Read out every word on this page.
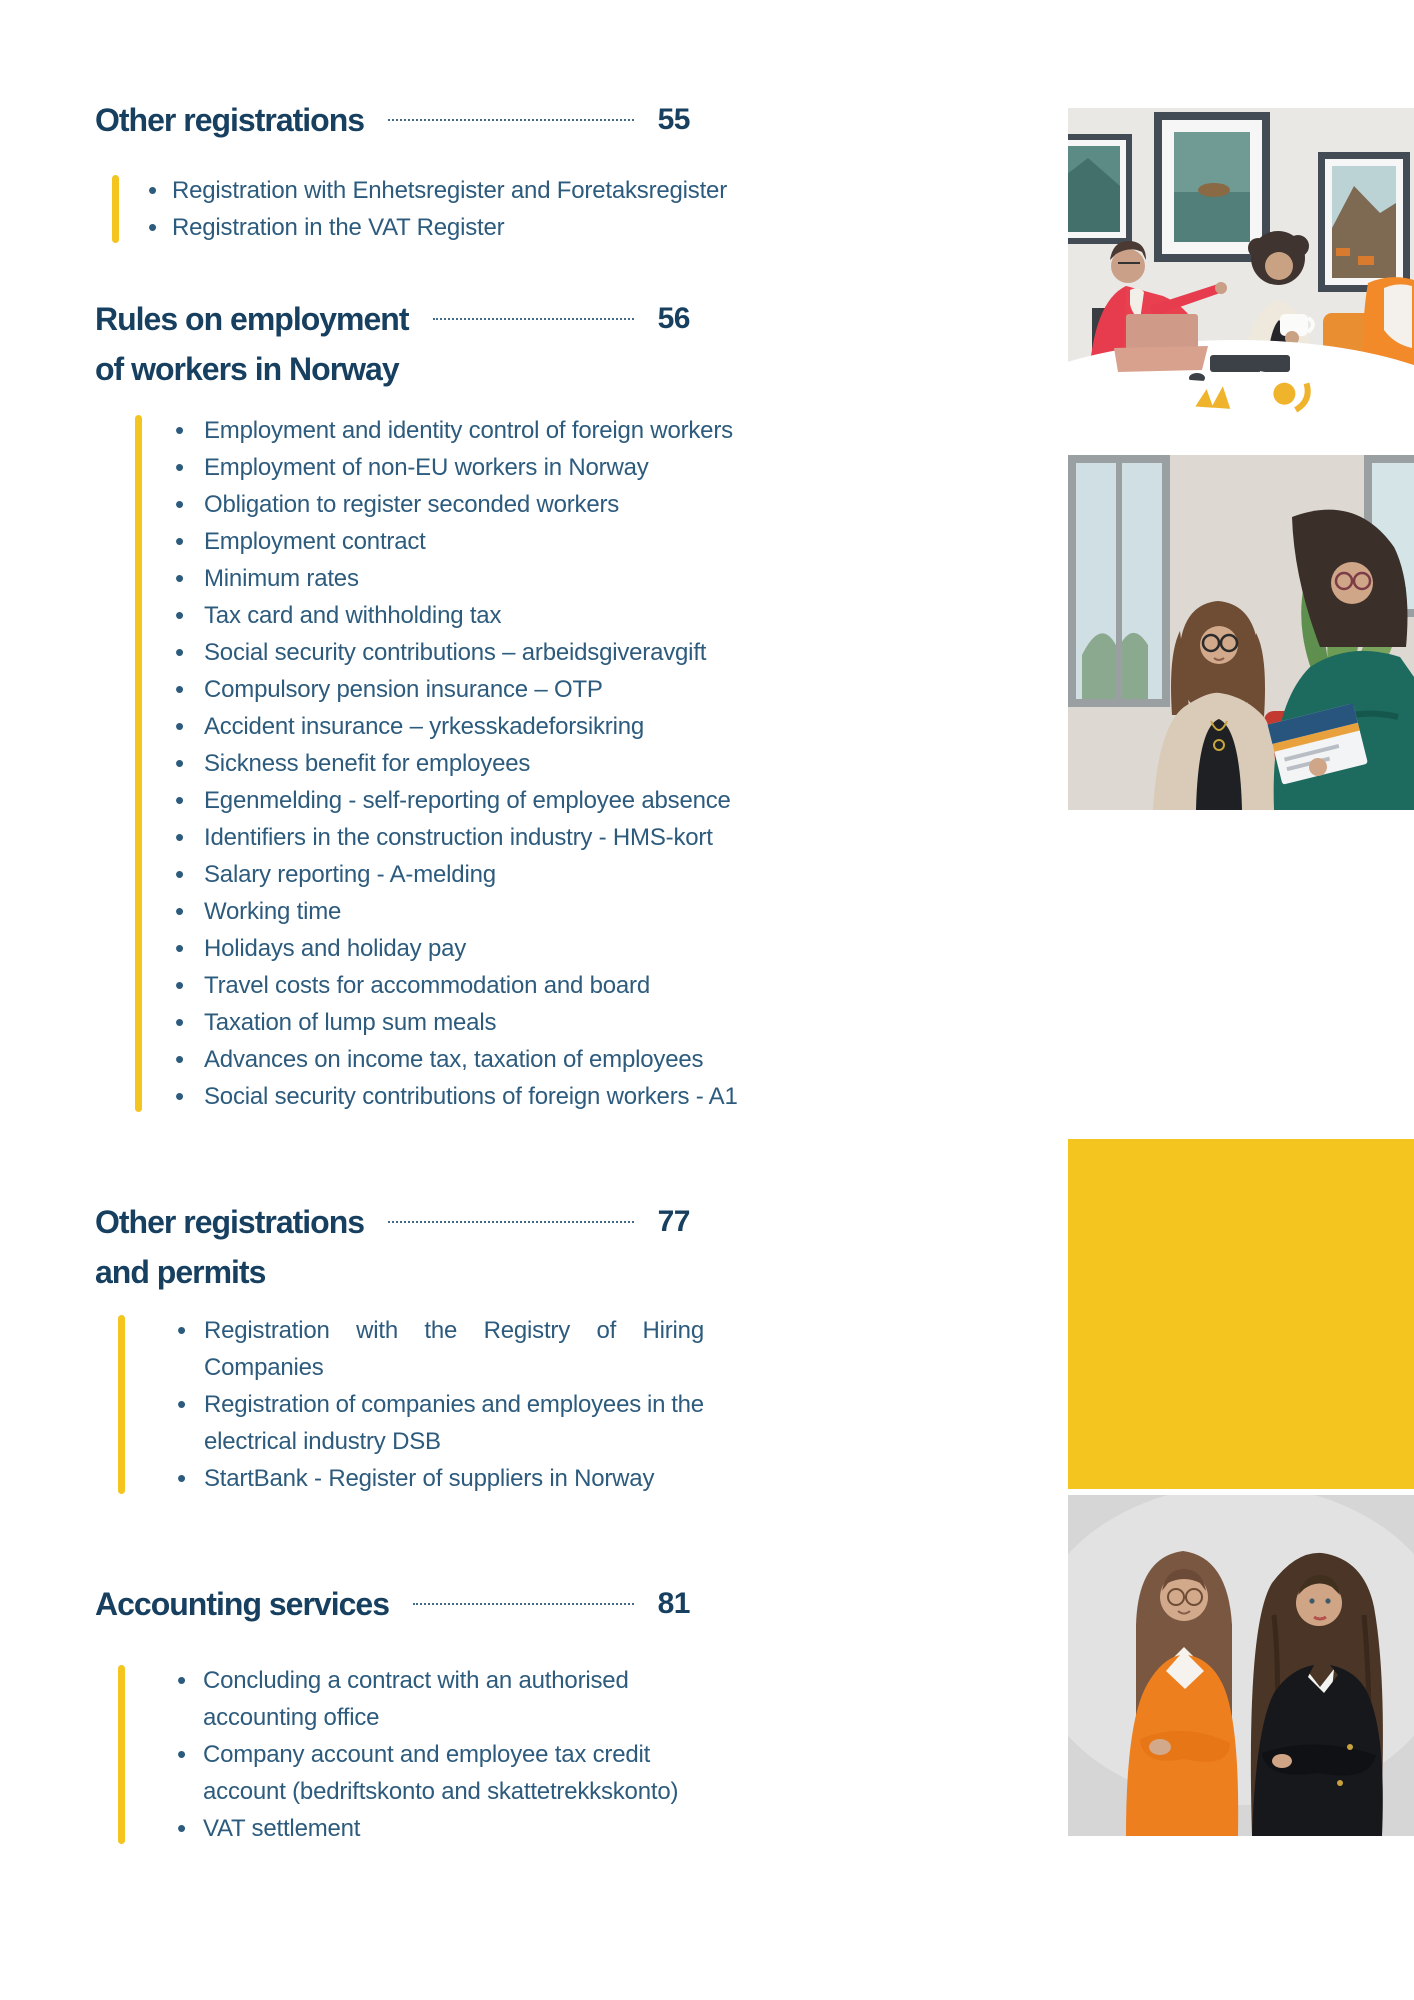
Other registrations	55
• Registration with Enhetsregister and Foretaksregister
• Registration in the VAT Register
Rules on employment	56
of workers in Norway
• Employment and identity control of foreign workers
• Employment of non-EU workers in Norway
• Obligation to register seconded workers
• Employment contract
• Minimum rates
• Tax card and withholding tax
• Social security contributions – arbeidsgiveravgift
• Compulsory pension insurance – OTP
• Accident insurance – yrkesskadeforsikring
• Sickness benefit for employees
• Egenmelding - self-reporting of employee absence
• Identifiers in the construction industry - HMS-kort
• Salary reporting - A-melding
• Working time
• Holidays and holiday pay
• Travel costs for accommodation and board
• Taxation of lump sum meals
• Advances on income tax, taxation of employees
• Social security contributions of foreign workers - A1
Other registrations	77
and permits
• Registration with the Registry of Hiring
Companies
• Registration of companies and employees in the
electrical industry DSB
• StartBank - Register of suppliers in Norway
Accounting services	81
• Concluding a contract with an authorised
accounting office
• Company account and employee tax credit
account (bedriftskonto and skattetrekkskonto)
• VAT settlement
